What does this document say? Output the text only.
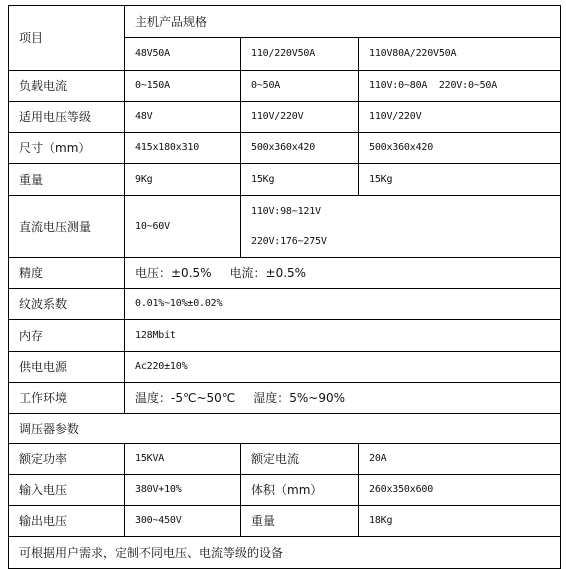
项目	主机产品规格		
	48V50A	110/220V50A	110V80A/220V50A
负载电流	0~150A	0~50A	110V:0~80A  220V:0~50A
适用电压等级	48V	110V/220V	110V/220V
尺寸（mm）	415x180x310	500x360x420	500x360x420
重量	9Kg	15Kg	15Kg
直流电压测量	10~60V	110V:98~121V
220V:176~275V	

精度	电压：±0.5% 电流：±0.5%		
纹波系数	0.01%~10%±0.02%		
内存	128Mbit		
供电电源	Ac220±10%		
工作环境	温度：-5℃~50℃ 湿度：5%~90%		
调压器参数			
额定功率	15KVA	额定电流	20A
输入电压	380V+10%	体积（mm）	260x350x600
输出电压	300~450V	重量	18Kg
可根据用户需求，定制不同电压、电流等级的设备			
